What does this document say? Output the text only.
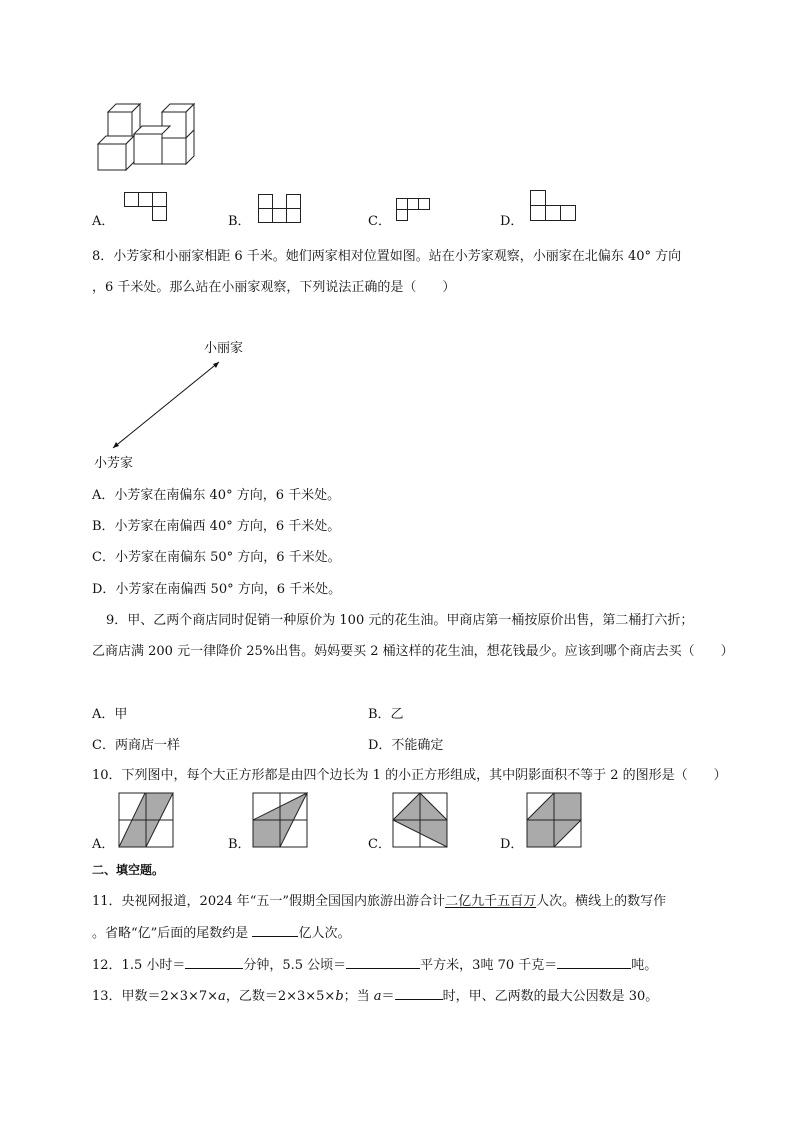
A．	B．	C．	D．
8．小芳家和小丽家相距 6 千米。她们两家相对位置如图。站在小芳家观察，小丽家在北偏东 40° 方向
，6 千米处。那么站在小丽家观察，下列说法正确的是（　　）
小丽家
小芳家
A．小芳家在南偏东 40° 方向，6 千米处。
B．小芳家在南偏西 40° 方向，6 千米处。
C．小芳家在南偏东 50° 方向，6 千米处。
D．小芳家在南偏西 50° 方向，6 千米处。
9．甲、乙两个商店同时促销一种原价为 100 元的花生油。甲商店第一桶按原价出售，第二桶打六折；
乙商店满 200 元一律降价 25%出售。妈妈要买 2 桶这样的花生油，想花钱最少。应该到哪个商店去买（　　）
A．甲	B．乙
C．两商店一样	D．不能确定
10．下列图中，每个大正方形都是由四个边长为 1 的小正方形组成，其中阴影面积不等于 2 的图形是（　　）
A．	B．	C．	D．
二、填空题。
11．央视网报道，2024 年“五一”假期全国国内旅游出游合计二亿九千五百万人次。横线上的数写作
。省略“亿”后面的尾数约是	亿人次。
12．1.5 小时＝	分钟，5.5 公顷＝	平方米，3吨 70 千克＝	吨。
13．甲数＝2×3×7×a，乙数＝2×3×5×b；当 a＝	时，甲、乙两数的最大公因数是 30。
